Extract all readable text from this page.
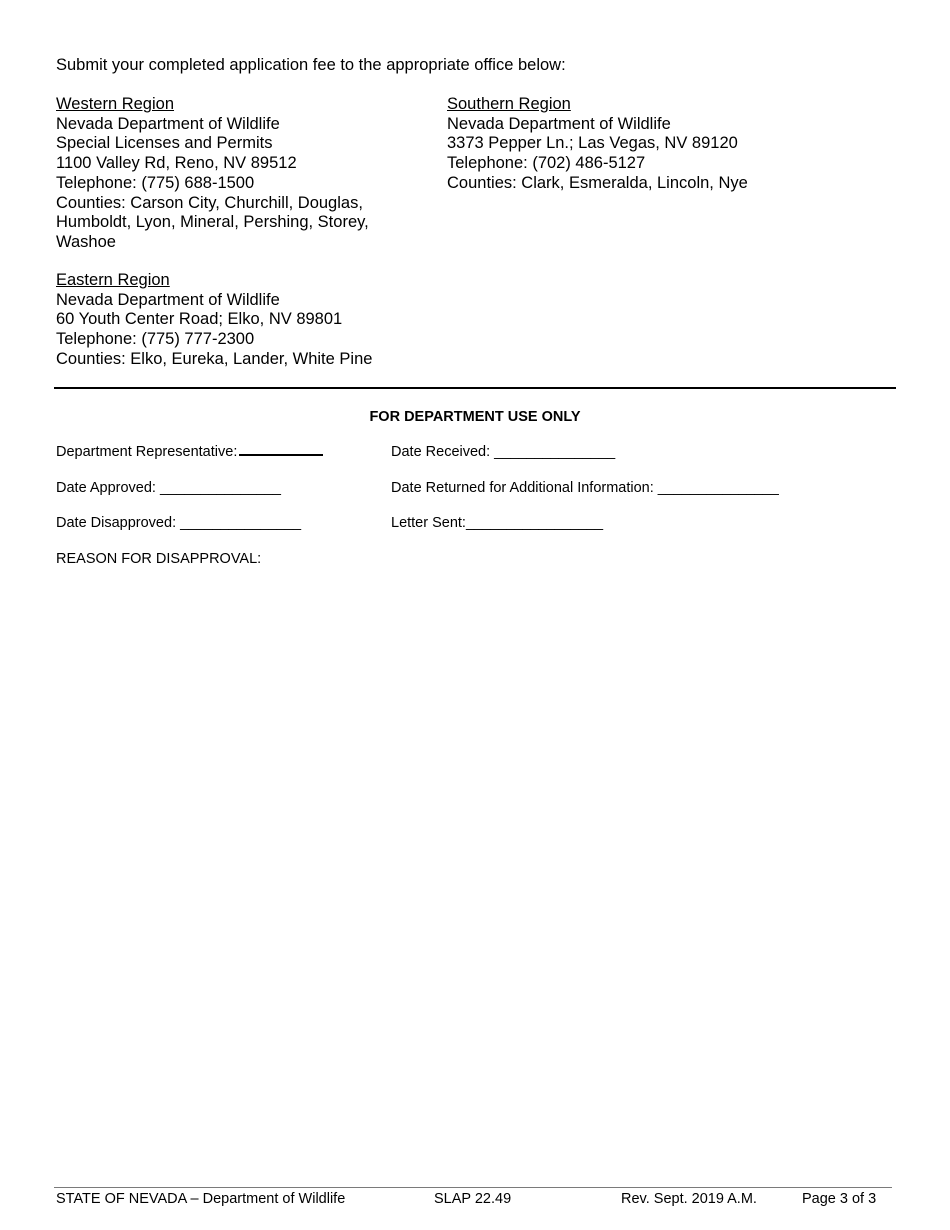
Submit your completed application fee to the appropriate office below:
Western Region
Nevada Department of Wildlife
Special Licenses and Permits
1100 Valley Rd, Reno, NV 89512
Telephone: (775) 688-1500
Counties: Carson City, Churchill, Douglas,
Humboldt, Lyon, Mineral, Pershing, Storey,
Washoe
Southern Region
Nevada Department of Wildlife
3373 Pepper Ln.; Las Vegas, NV 89120
Telephone: (702) 486-5127
Counties: Clark, Esmeralda, Lincoln, Nye
Eastern Region
Nevada Department of Wildlife
60 Youth Center Road; Elko, NV 89801
Telephone: (775) 777-2300
Counties: Elko, Eureka, Lander, White Pine
FOR DEPARTMENT USE ONLY
Department Representative:	Date Received: _______________
Date Approved: _______________	Date Returned for Additional Information: _______________
Date Disapproved: _______________	Letter Sent:_________________
REASON FOR DISAPPROVAL:
STATE OF NEVADA – Department of Wildlife	SLAP 22.49	Rev. Sept. 2019 A.M.	Page 3 of 3
